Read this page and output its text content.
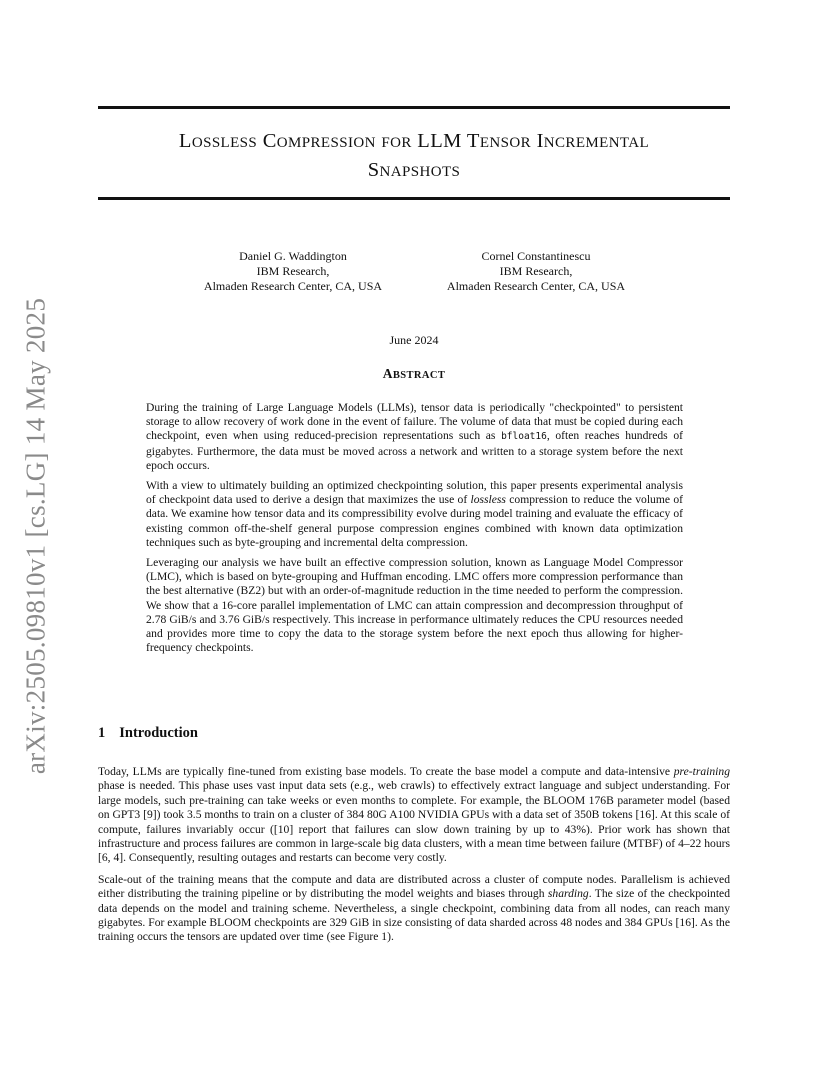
arXiv:2505.09810v1 [cs.LG] 14 May 2025
LOSSLESS COMPRESSION FOR LLM TENSOR INCREMENTAL
SNAPSHOTS
Daniel G. Waddington
IBM Research,
Almaden Research Center, CA, USA
Cornel Constantinescu
IBM Research,
Almaden Research Center, CA, USA
June 2024
ABSTRACT

During the training of Large Language Models (LLMs), tensor data is periodically "checkpointed" to persistent storage to allow recovery of work done in the event of failure. The volume of data that must be copied during each checkpoint, even when using reduced-precision representations such as bfloat16, often reaches hundreds of gigabytes. Furthermore, the data must be moved across a network and written to a storage system before the next epoch occurs.

With a view to ultimately building an optimized checkpointing solution, this paper presents experimental analysis of checkpoint data used to derive a design that maximizes the use of lossless compression to reduce the volume of data. We examine how tensor data and its compressibility evolve during model training and evaluate the efficacy of existing common off-the-shelf general purpose compression engines combined with known data optimization techniques such as byte-grouping and incremental delta compression.

Leveraging our analysis we have built an effective compression solution, known as Language Model Compressor (LMC), which is based on byte-grouping and Huffman encoding. LMC offers more compression performance than the best alternative (BZ2) but with an order-of-magnitude reduction in the time needed to perform the compression. We show that a 16-core parallel implementation of LMC can attain compression and decompression throughput of 2.78 GiB/s and 3.76 GiB/s respectively. This increase in performance ultimately reduces the CPU resources needed and provides more time to copy the data to the storage system before the next epoch thus allowing for higher-frequency checkpoints.

1 Introduction

Today, LLMs are typically fine-tuned from existing base models. To create the base model a compute and data-intensive pre-training phase is needed. This phase uses vast input data sets (e.g., web crawls) to effectively extract language and subject understanding. For large models, such pre-training can take weeks or even months to complete. For example, the BLOOM 176B parameter model (based on GPT3 [9]) took 3.5 months to train on a cluster of 384 80G A100 NVIDIA GPUs with a data set of 350B tokens [16]. At this scale of compute, failures invariably occur ([10] report that failures can slow down training by up to 43%). Prior work has shown that infrastructure and process failures are common in large-scale big data clusters, with a mean time between failure (MTBF) of 4–22 hours [6, 4]. Consequently, resulting outages and restarts can become very costly.

Scale-out of the training means that the compute and data are distributed across a cluster of compute nodes. Parallelism is achieved either distributing the training pipeline or by distributing the model weights and biases through sharding. The size of the checkpointed data depends on the model and training scheme. Nevertheless, a single checkpoint, combining data from all nodes, can reach many gigabytes. For example BLOOM checkpoints are 329 GiB in size consisting of data sharded across 48 nodes and 384 GPUs [16]. As the training occurs the tensors are updated over time (see Figure 1).
